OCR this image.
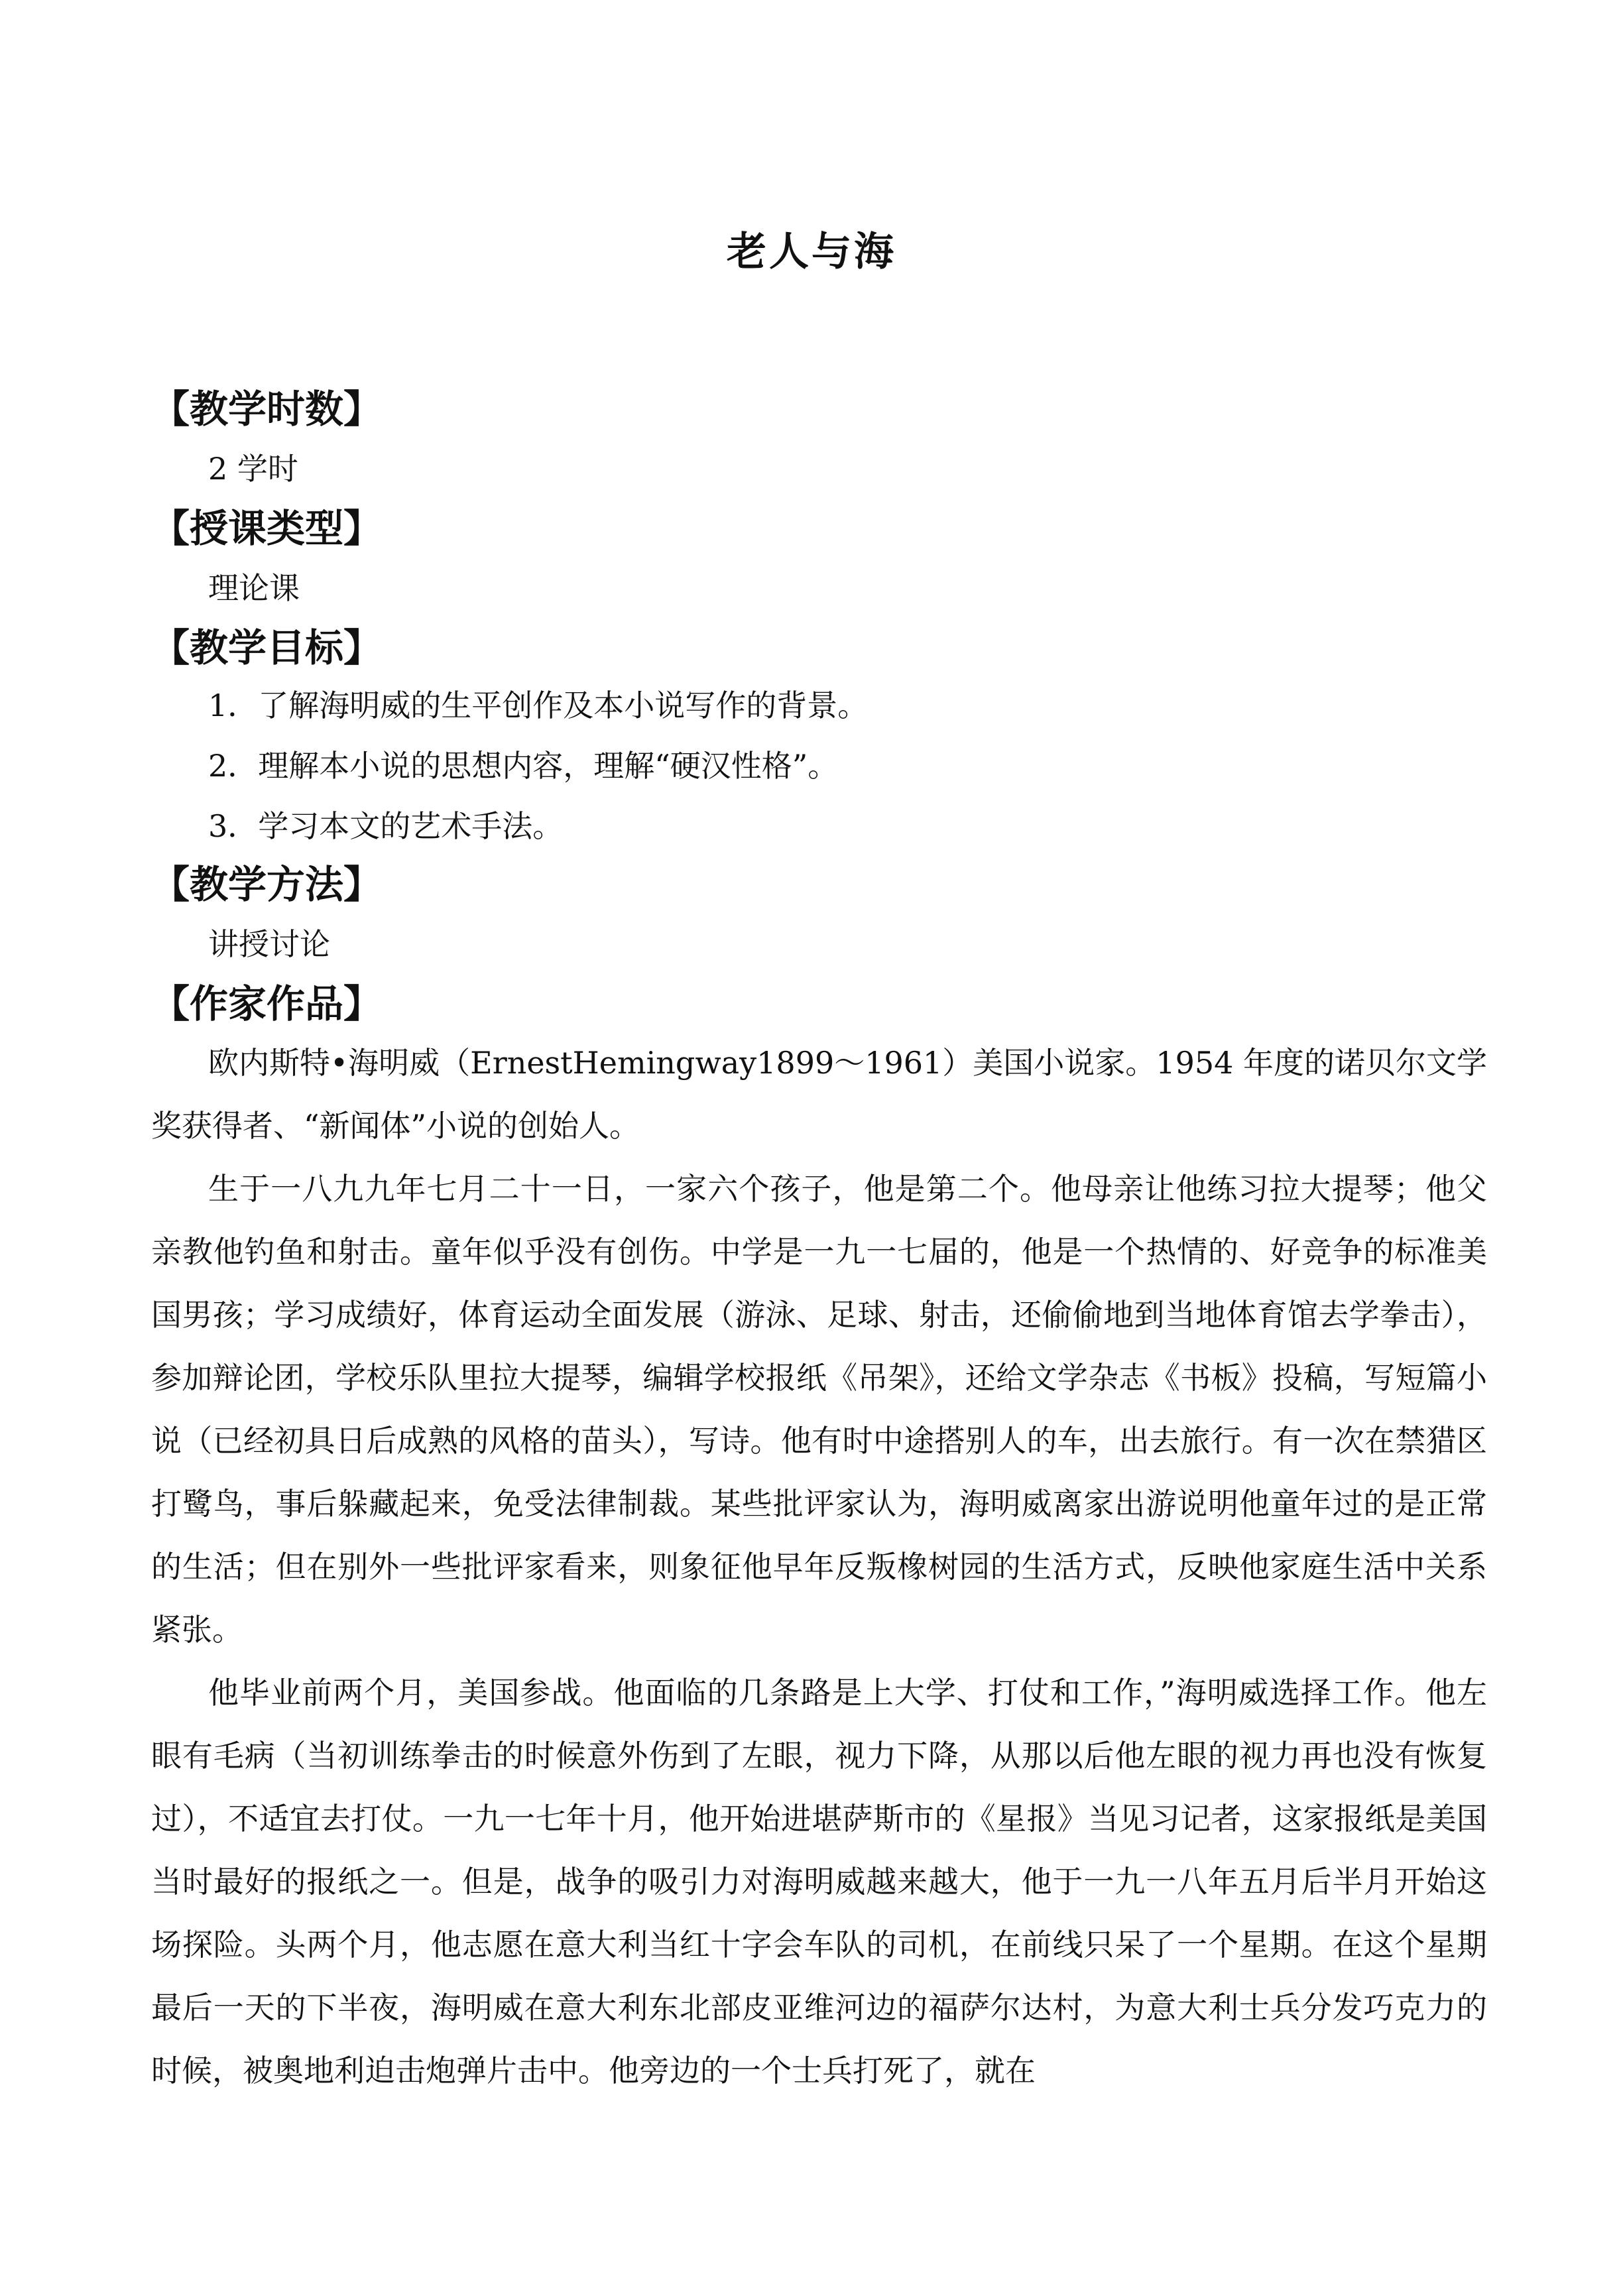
老人与海
【教学时数】

2 学时

【授课类型】

理论课

【教学目标】

1．了解海明威的生平创作及本小说写作的背景。

2．理解本小说的思想内容，理解“硬汉性格”。

3．学习本文的艺术手法。

【教学方法】

讲授讨论

【作家作品】

欧内斯特•海明威（ErnestHemingway1899～1961）美国小说家。1954 年度的诺贝尔文学奖获得者、“新闻体”小说的创始人。

生于一八九九年七月二十一日，一家六个孩子，他是第二个。他母亲让他练习拉大提琴；他父亲教他钓鱼和射击。童年似乎没有创伤。中学是一九一七届的，他是一个热情的、好竞争的标准美国男孩；学习成绩好，体育运动全面发展（游泳、足球、射击，还偷偷地到当地体育馆去学拳击），参加辩论团，学校乐队里拉大提琴，编辑学校报纸《吊架》，还给文学杂志《书板》投稿，写短篇小说（已经初具日后成熟的风格的苗头），写诗。他有时中途搭别人的车，出去旅行。有一次在禁猎区打鹭鸟，事后躲藏起来，免受法律制裁。某些批评家认为，海明威离家出游说明他童年过的是正常的生活；但在别外一些批评家看来，则象征他早年反叛橡树园的生活方式，反映他家庭生活中关系紧张。

他毕业前两个月，美国参战。他面临的几条路是上大学、打仗和工作，”海明威选择工作。他左眼有毛病（当初训练拳击的时候意外伤到了左眼，视力下降，从那以后他左眼的视力再也没有恢复过），不适宜去打仗。一九一七年十月，他开始进堪萨斯市的《星报》当见习记者，这家报纸是美国当时最好的报纸之一。但是，战争的吸引力对海明威越来越大，他于一九一八年五月后半月开始这场探险。头两个月，他志愿在意大利当红十字会车队的司机，在前线只呆了一个星期。在这个星期最后一天的下半夜，海明威在意大利东北部皮亚维河边的福萨尔达村，为意大利士兵分发巧克力的时候，被奥地利迫击炮弹片击中。他旁边的一个士兵打死了，就在
